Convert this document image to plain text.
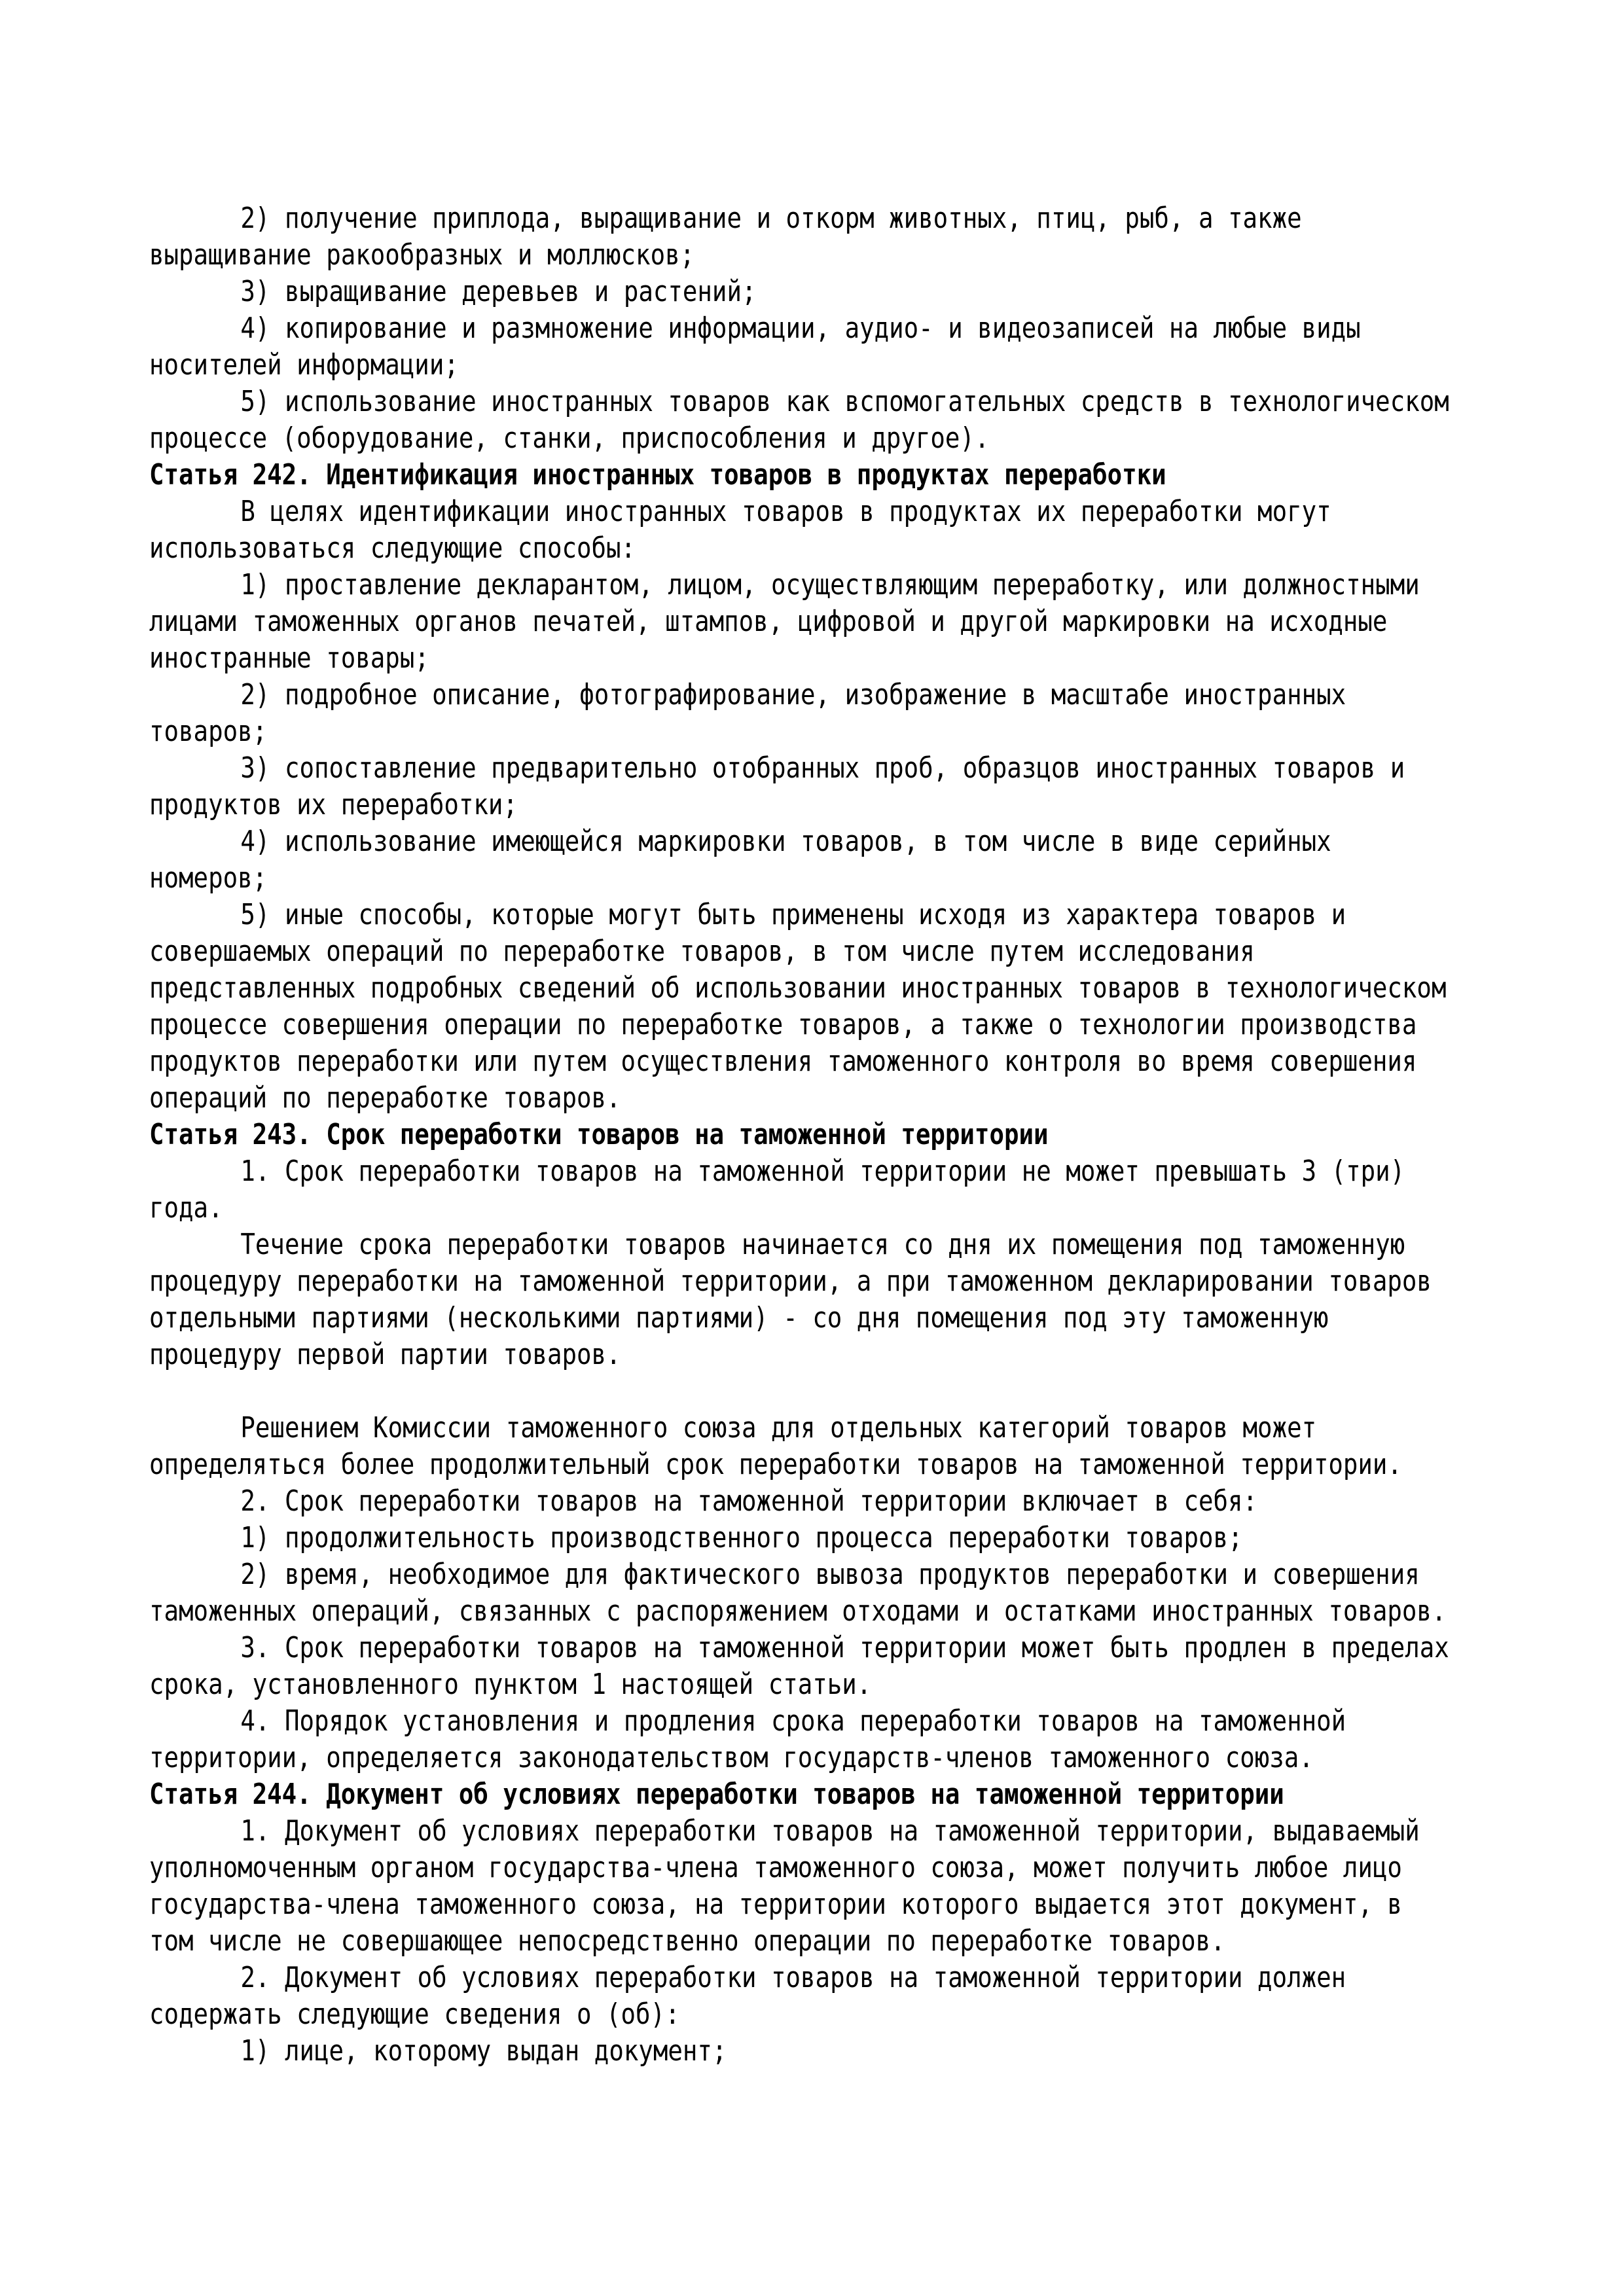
2) получение приплода, выращивание и откорм животных, птиц, рыб, а также
выращивание ракообразных и моллюсков;
3) выращивание деревьев и растений;
4) копирование и размножение информации, аудио- и видеозаписей на любые виды
носителей информации;
5) использование иностранных товаров как вспомогательных средств в технологическом
процессе (оборудование, станки, приспособления и другое).
Статья 242. Идентификация иностранных товаров в продуктах переработки
В целях идентификации иностранных товаров в продуктах их переработки могут
использоваться следующие способы:
1) проставление декларантом, лицом, осуществляющим переработку, или должностными
лицами таможенных органов печатей, штампов, цифровой и другой маркировки на исходные
иностранные товары;
2) подробное описание, фотографирование, изображение в масштабе иностранных
товаров;
3) сопоставление предварительно отобранных проб, образцов иностранных товаров и
продуктов их переработки;
4) использование имеющейся маркировки товаров, в том числе в виде серийных
номеров;
5) иные способы, которые могут быть применены исходя из характера товаров и
совершаемых операций по переработке товаров, в том числе путем исследования
представленных подробных сведений об использовании иностранных товаров в технологическом
процессе совершения операции по переработке товаров, а также о технологии производства
продуктов переработки или путем осуществления таможенного контроля во время совершения
операций по переработке товаров.
Статья 243. Срок переработки товаров на таможенной территории
1. Срок переработки товаров на таможенной территории не может превышать 3 (три)
года.
Течение срока переработки товаров начинается со дня их помещения под таможенную
процедуру переработки на таможенной территории, а при таможенном декларировании товаров
отдельными партиями (несколькими партиями) - со дня помещения под эту таможенную
процедуру первой партии товаров.
Решением Комиссии таможенного союза для отдельных категорий товаров может
определяться более продолжительный срок переработки товаров на таможенной территории.
2. Срок переработки товаров на таможенной территории включает в себя:
1) продолжительность производственного процесса переработки товаров;
2) время, необходимое для фактического вывоза продуктов переработки и совершения
таможенных операций, связанных с распоряжением отходами и остатками иностранных товаров.
3. Срок переработки товаров на таможенной территории может быть продлен в пределах
срока, установленного пунктом 1 настоящей статьи.
4. Порядок установления и продления срока переработки товаров на таможенной
территории, определяется законодательством государств-членов таможенного союза.
Статья 244. Документ об условиях переработки товаров на таможенной территории
1. Документ об условиях переработки товаров на таможенной территории, выдаваемый
уполномоченным органом государства-члена таможенного союза, может получить любое лицо
государства-члена таможенного союза, на территории которого выдается этот документ, в
том числе не совершающее непосредственно операции по переработке товаров.
2. Документ об условиях переработки товаров на таможенной территории должен
содержать следующие сведения о (об):
1) лице, которому выдан документ;
